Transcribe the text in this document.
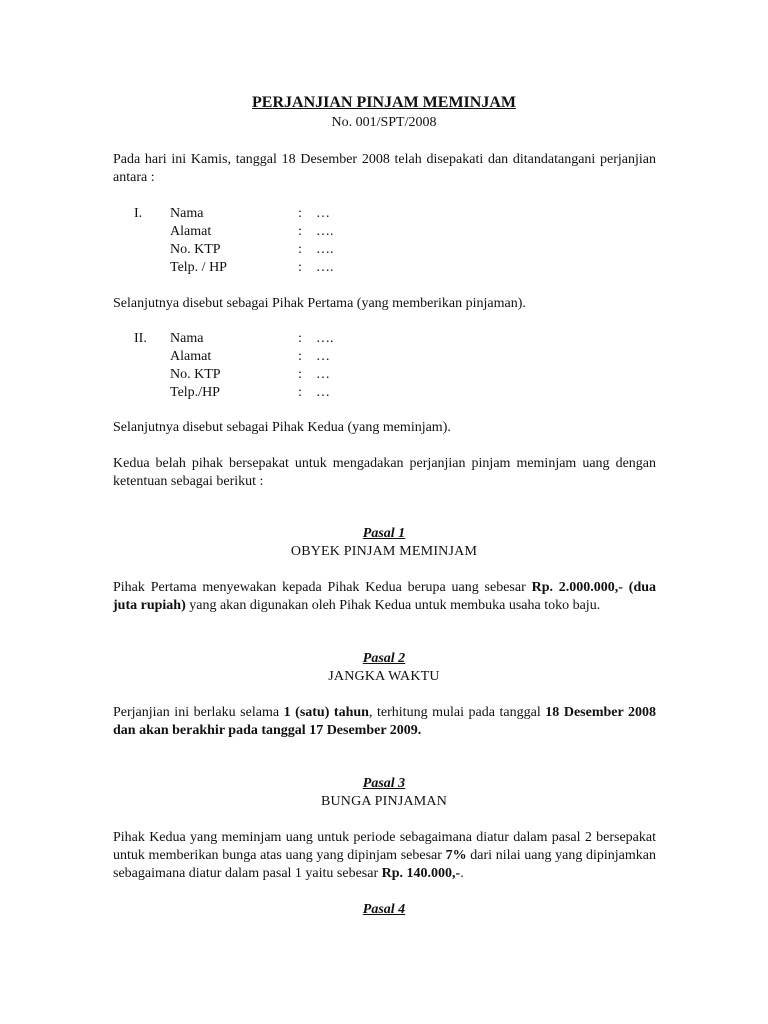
PERJANJIAN PINJAM MEMINJAM
No. 001/SPT/2008
Pada hari ini Kamis, tanggal 18 Desember 2008 telah disepakati dan ditandatangani perjanjian antara :
I. Nama	: …
Alamat	: ….
No. KTP	: ….
Telp. / HP	: ….
Selanjutnya disebut sebagai Pihak Pertama (yang memberikan pinjaman).
II. Nama	: ….
Alamat	: …
No. KTP	: …
Telp./HP	: …
Selanjutnya disebut sebagai Pihak Kedua (yang meminjam).
Kedua belah pihak bersepakat untuk mengadakan perjanjian pinjam meminjam uang dengan ketentuan sebagai berikut :
Pasal 1
OBYEK PINJAM MEMINJAM
Pihak Pertama menyewakan kepada Pihak Kedua berupa uang sebesar Rp. 2.000.000,- (dua juta rupiah) yang akan digunakan oleh Pihak Kedua untuk membuka usaha toko baju.
Pasal 2
JANGKA WAKTU
Perjanjian ini berlaku selama 1 (satu) tahun, terhitung mulai pada tanggal 18 Desember 2008 dan akan berakhir pada tanggal 17 Desember 2009.
Pasal 3
BUNGA PINJAMAN
Pihak Kedua yang meminjam uang untuk periode sebagaimana diatur dalam pasal 2 bersepakat untuk memberikan bunga atas uang yang dipinjam sebesar 7% dari nilai uang yang dipinjamkan sebagaimana diatur dalam pasal 1 yaitu sebesar Rp. 140.000,-.
Pasal 4
